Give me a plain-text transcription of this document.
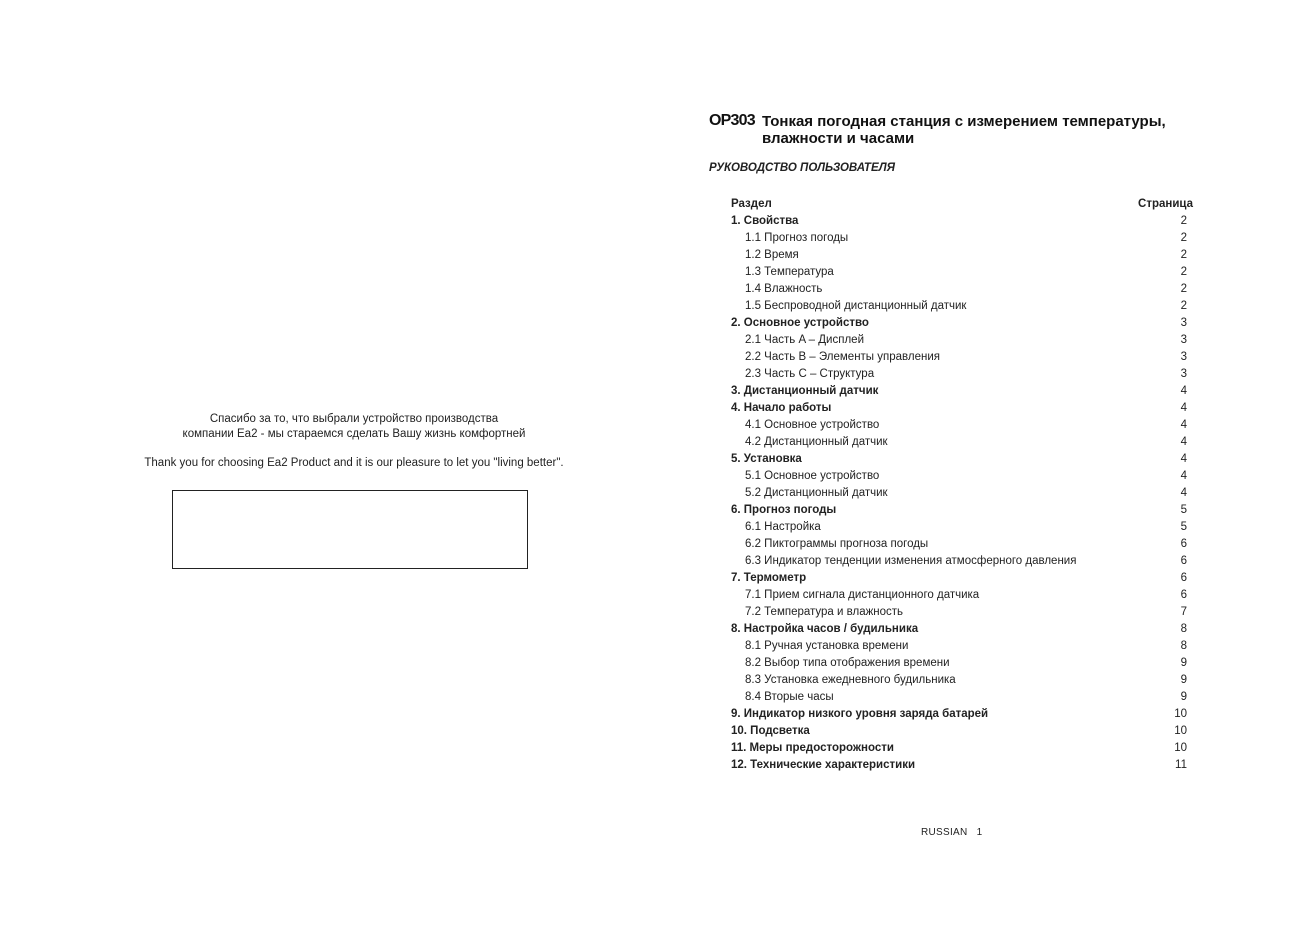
Спасибо за то, что выбрали устройство производства
компании Ea2 - мы стараемся сделать Вашу жизнь комфортней
Thank you for choosing Ea2 Product and it is our pleasure to let you "living better".
OP303 Тонкая погодная станция с измерением температуры,
влажности и часами
РУКОВОДСТВО ПОЛЬЗОВАТЕЛЯ
Раздел	Страница
1. Свойства	2
1.1 Прогноз погоды	2
1.2 Время	2
1.3 Температура	2
1.4 Влажность	2
1.5 Беспроводной дистанционный датчик	2
2. Основное устройство	3
2.1 Часть A – Дисплей	3
2.2 Часть B – Элементы управления	3
2.3 Часть C – Структура	3
3. Дистанционный датчик	4
4. Начало работы	4
4.1 Основное устройство	4
4.2 Дистанционный датчик	4
5. Установка	4
5.1 Основное устройство	4
5.2 Дистанционный датчик	4
6. Прогноз погоды	5
6.1 Настройка	5
6.2 Пиктограммы прогноза погоды	6
6.3 Индикатор тенденции изменения атмосферного давления	6
7. Термометр	6
7.1 Прием сигнала дистанционного датчика	6
7.2 Температура и влажность	7
8. Настройка часов / будильника	8
8.1 Ручная установка времени	8
8.2 Выбор типа отображения времени	9
8.3 Установка ежедневного будильника	9
8.4 Вторые часы	9
9. Индикатор низкого уровня заряда батарей	10
10. Подсветка	10
11. Меры предосторожности	10
12. Технические характеристики	11
RUSSIAN 1
